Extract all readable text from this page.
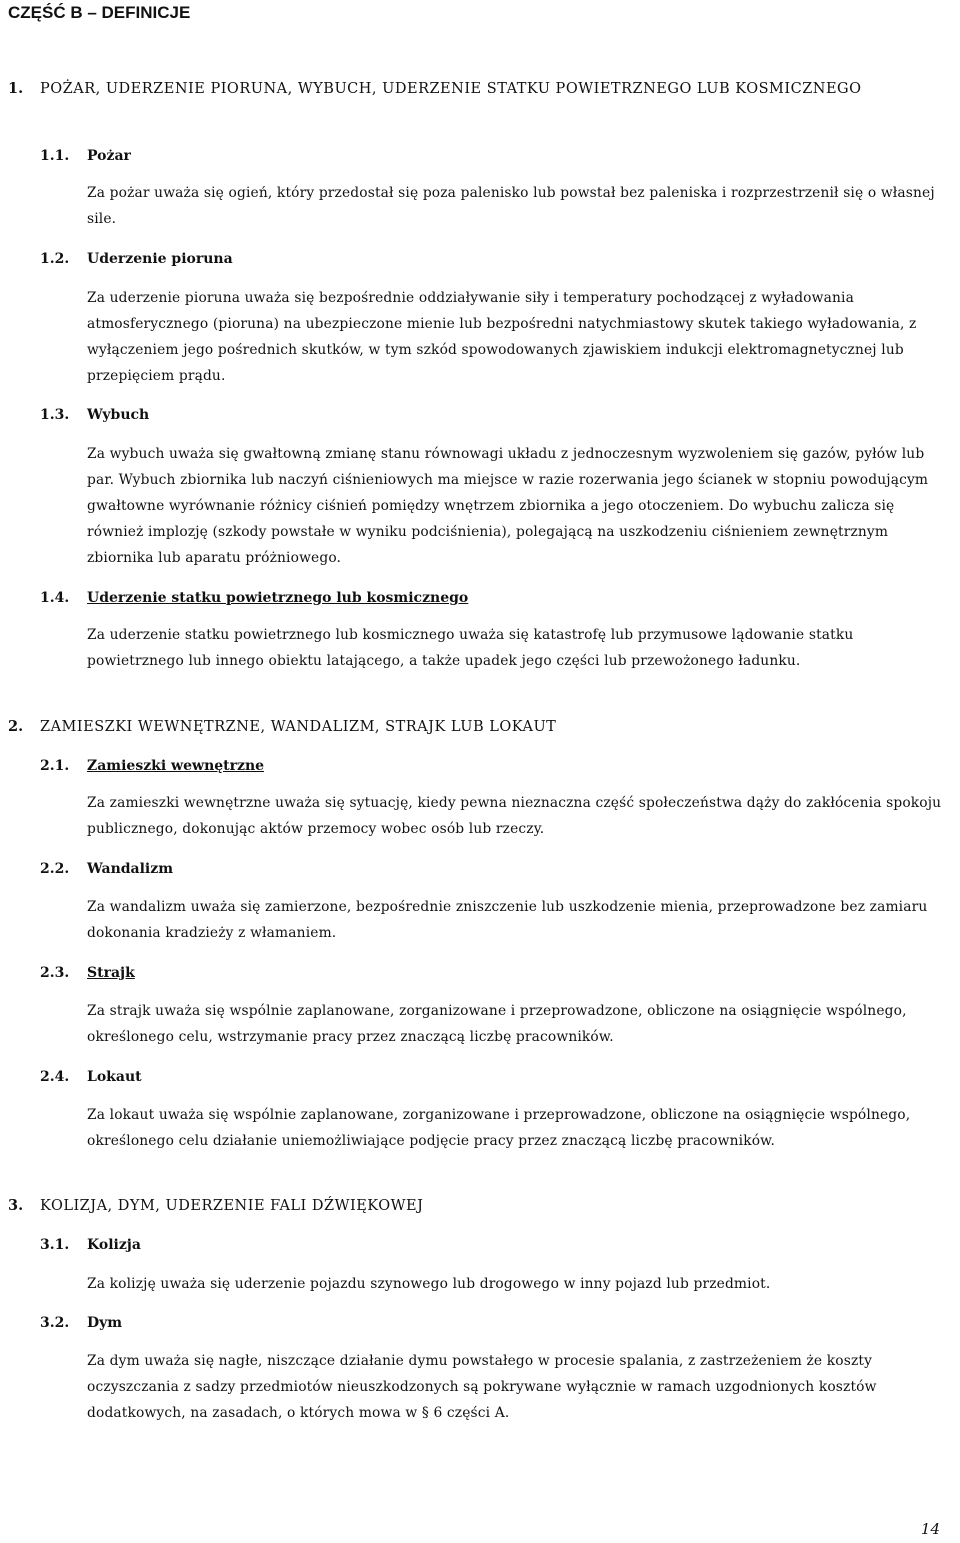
CZĘŚĆ B – DEFINICJE
1. POŻAR, UDERZENIE PIORUNA, WYBUCH, UDERZENIE STATKU POWIETRZNEGO LUB KOSMICZNEGO
1.1. Pożar

Za pożar uważa się ogień, który przedostał się poza palenisko lub powstał bez paleniska i rozprzestrzenił się o własnej sile.

1.2. Uderzenie pioruna

Za uderzenie pioruna uważa się bezpośrednie oddziaływanie siły i temperatury pochodzącej z wyładowania atmosferycznego (pioruna) na ubezpieczone mienie lub bezpośredni natychmiastowy skutek takiego wyładowania, z wyłączeniem jego pośrednich skutków, w tym szkód spowodowanych zjawiskiem indukcji elektromagnetycznej lub przepięciem prądu.

1.3. Wybuch

Za wybuch uważa się gwałtowną zmianę stanu równowagi układu z jednoczesnym wyzwoleniem się gazów, pyłów lub par. Wybuch zbiornika lub naczyń ciśnieniowych ma miejsce w razie rozerwania jego ścianek w stopniu powodującym gwałtowne wyrównanie różnicy ciśnień pomiędzy wnętrzem zbiornika a jego otoczeniem. Do wybuchu zalicza się również implozję (szkody powstałe w wyniku podciśnienia), polegającą na uszkodzeniu ciśnieniem zewnętrznym zbiornika lub aparatu próżniowego.

1.4. Uderzenie statku powietrznego lub kosmicznego

Za uderzenie statku powietrznego lub kosmicznego uważa się katastrofę lub przymusowe lądowanie statku powietrznego lub innego obiektu latającego, a także upadek jego części lub przewożonego ładunku.

2. ZAMIESZKI WEWNĘTRZNE, WANDALIZM, STRAJK LUB LOKAUT
2.1. Zamieszki wewnętrzne

Za zamieszki wewnętrzne uważa się sytuację, kiedy pewna nieznaczna część społeczeństwa dąży do zakłócenia spokoju publicznego, dokonując aktów przemocy wobec osób lub rzeczy.

2.2. Wandalizm

Za wandalizm uważa się zamierzone, bezpośrednie zniszczenie lub uszkodzenie mienia, przeprowadzone bez zamiaru dokonania kradzieży z włamaniem.

2.3. Strajk

Za strajk uważa się wspólnie zaplanowane, zorganizowane i przeprowadzone, obliczone na osiągnięcie wspólnego, określonego celu, wstrzymanie pracy przez znaczącą liczbę pracowników.

2.4. Lokaut

Za lokaut uważa się wspólnie zaplanowane, zorganizowane i przeprowadzone, obliczone na osiągnięcie wspólnego, określonego celu działanie uniemożliwiające podjęcie pracy przez znaczącą liczbę pracowników.

3. KOLIZJA, DYM, UDERZENIE FALI DŹWIĘKOWEJ
3.1. Kolizja

Za kolizję uważa się uderzenie pojazdu szynowego lub drogowego w inny pojazd lub przedmiot.

3.2. Dym

Za dym uważa się nagłe, niszczące działanie dymu powstałego w procesie spalania, z zastrzeżeniem że koszty oczyszczania z sadzy przedmiotów nieuszkodzonych są pokrywane wyłącznie w ramach uzgodnionych kosztów dodatkowych, na zasadach, o których mowa w § 6 części A.

14
